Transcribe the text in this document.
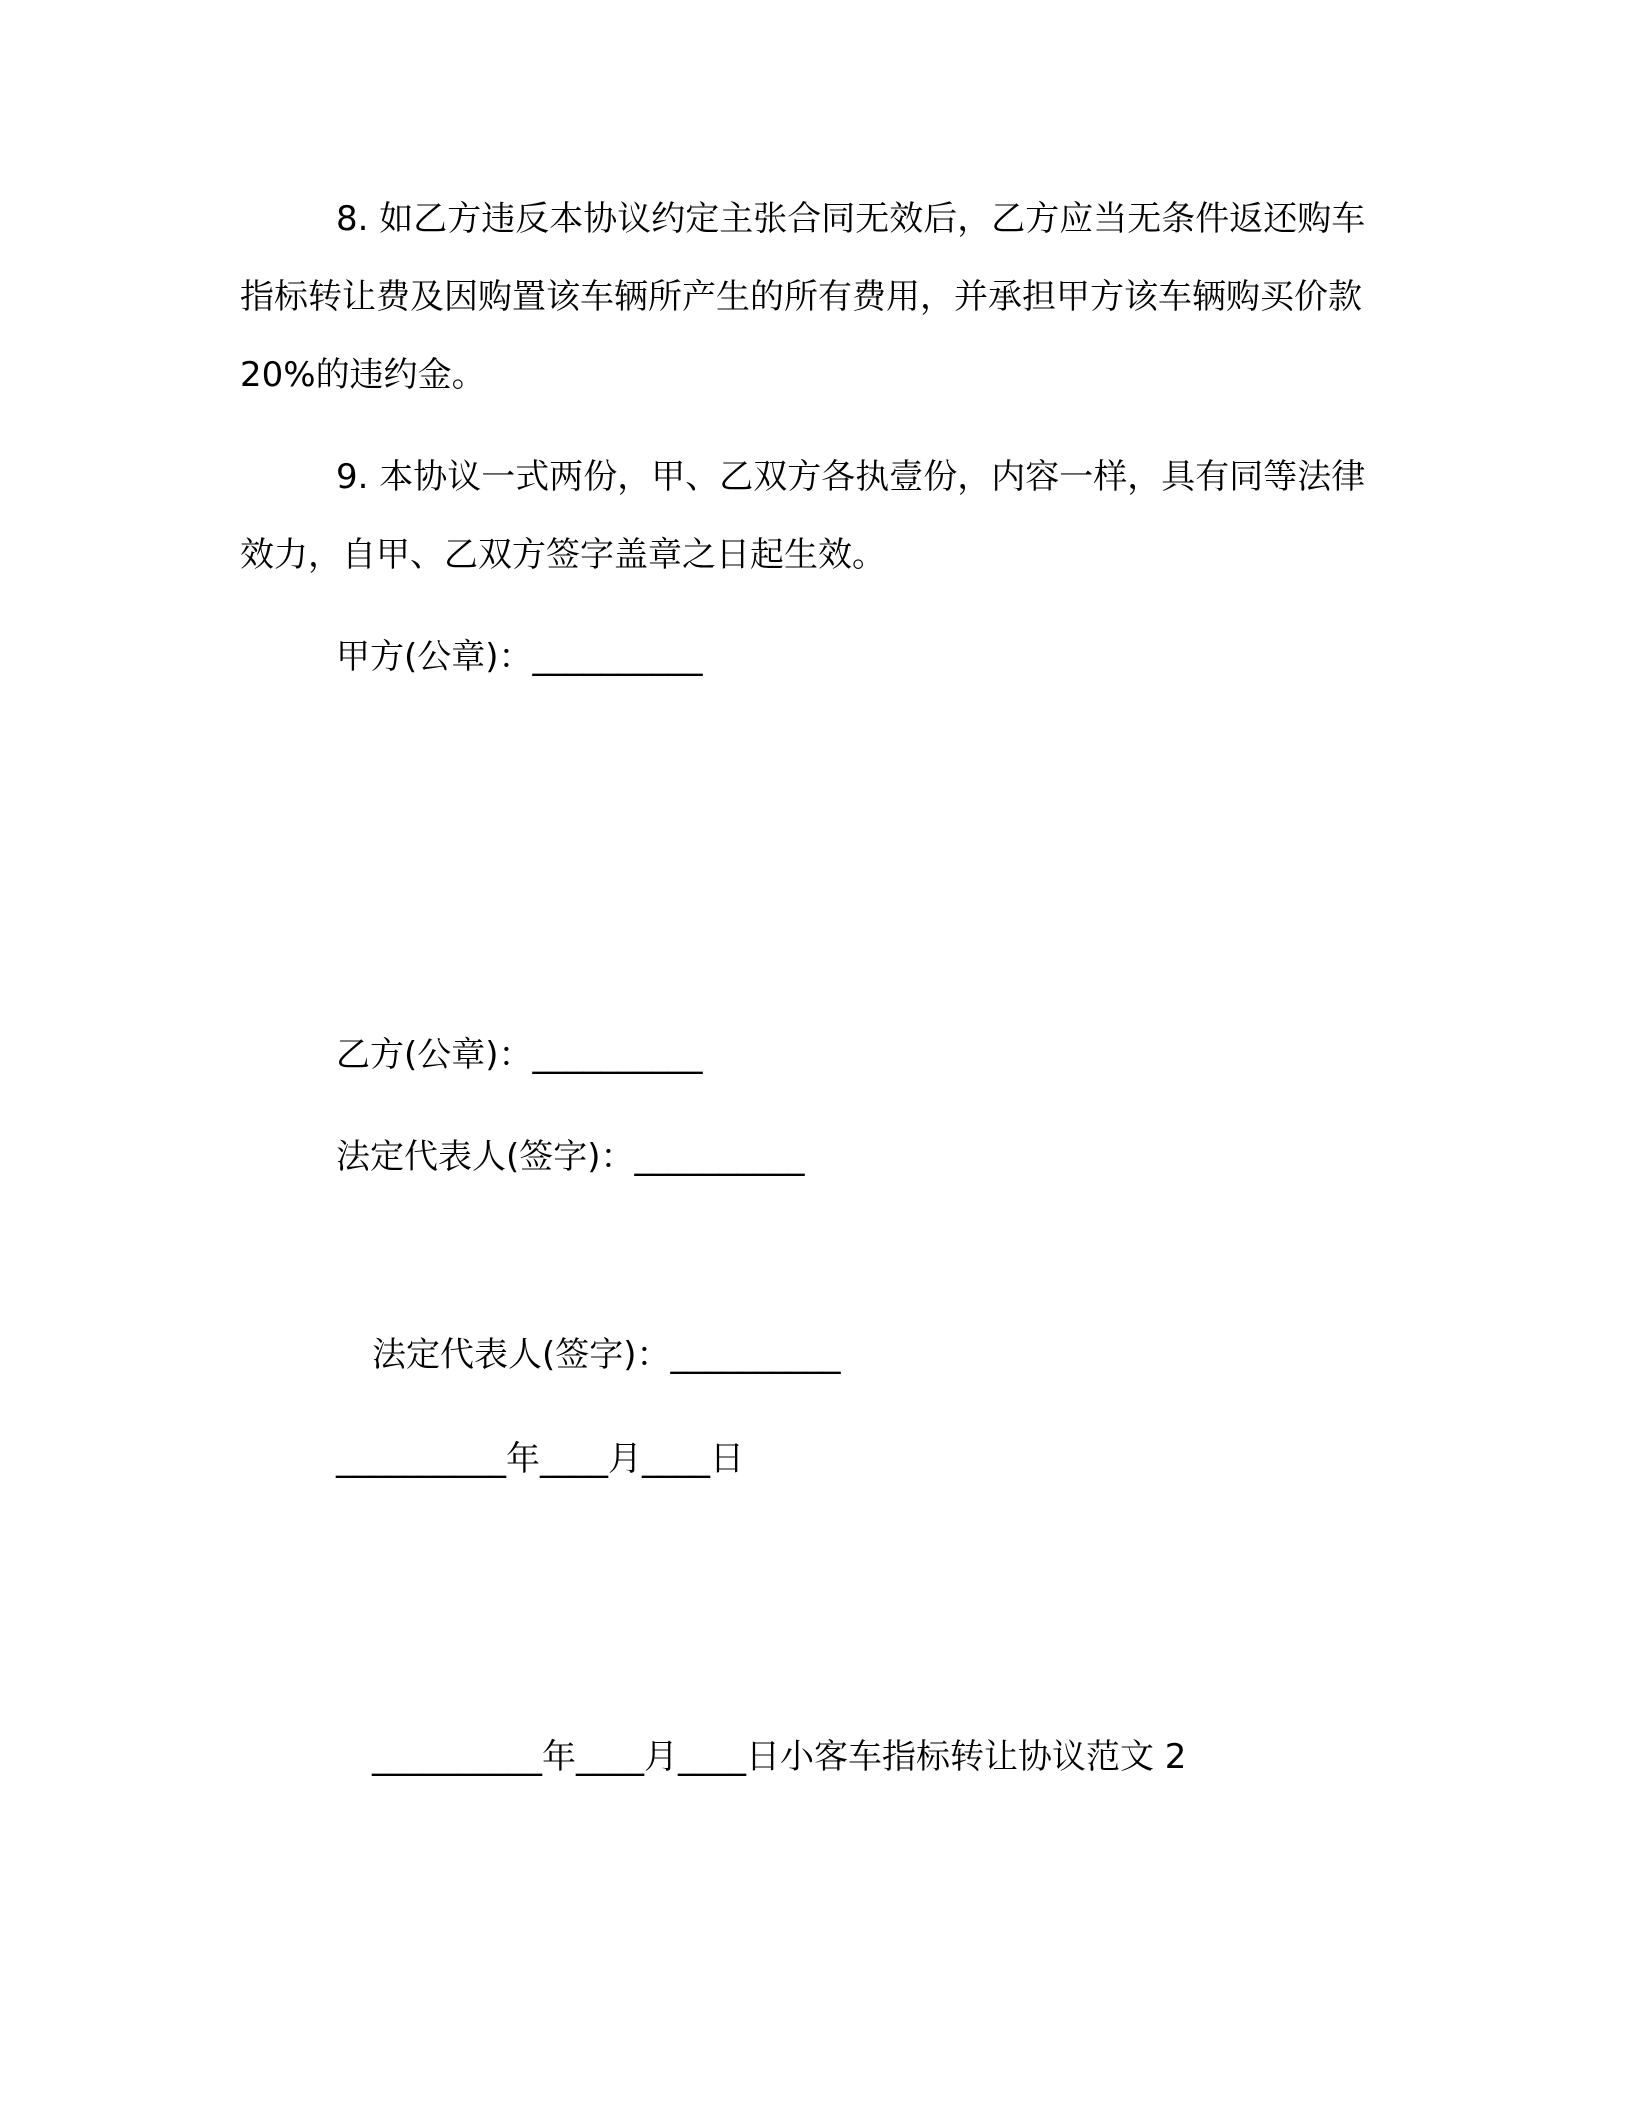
8. 如乙方违反本协议约定主张合同无效后，乙方应当无条件返还购车指标转让费及因购置该车辆所产生的所有费用，并承担甲方该车辆购买价款 20%的违约金。

9. 本协议一式两份，甲、乙双方各执壹份，内容一样，具有同等法律效力，自甲、乙双方签字盖章之日起生效。

甲方(公章)：__________
乙方(公章)：__________
法定代表人(签字)：__________
法定代表人(签字)：__________
__________年____月____日
__________年____月____日小客车指标转让协议范文 2
